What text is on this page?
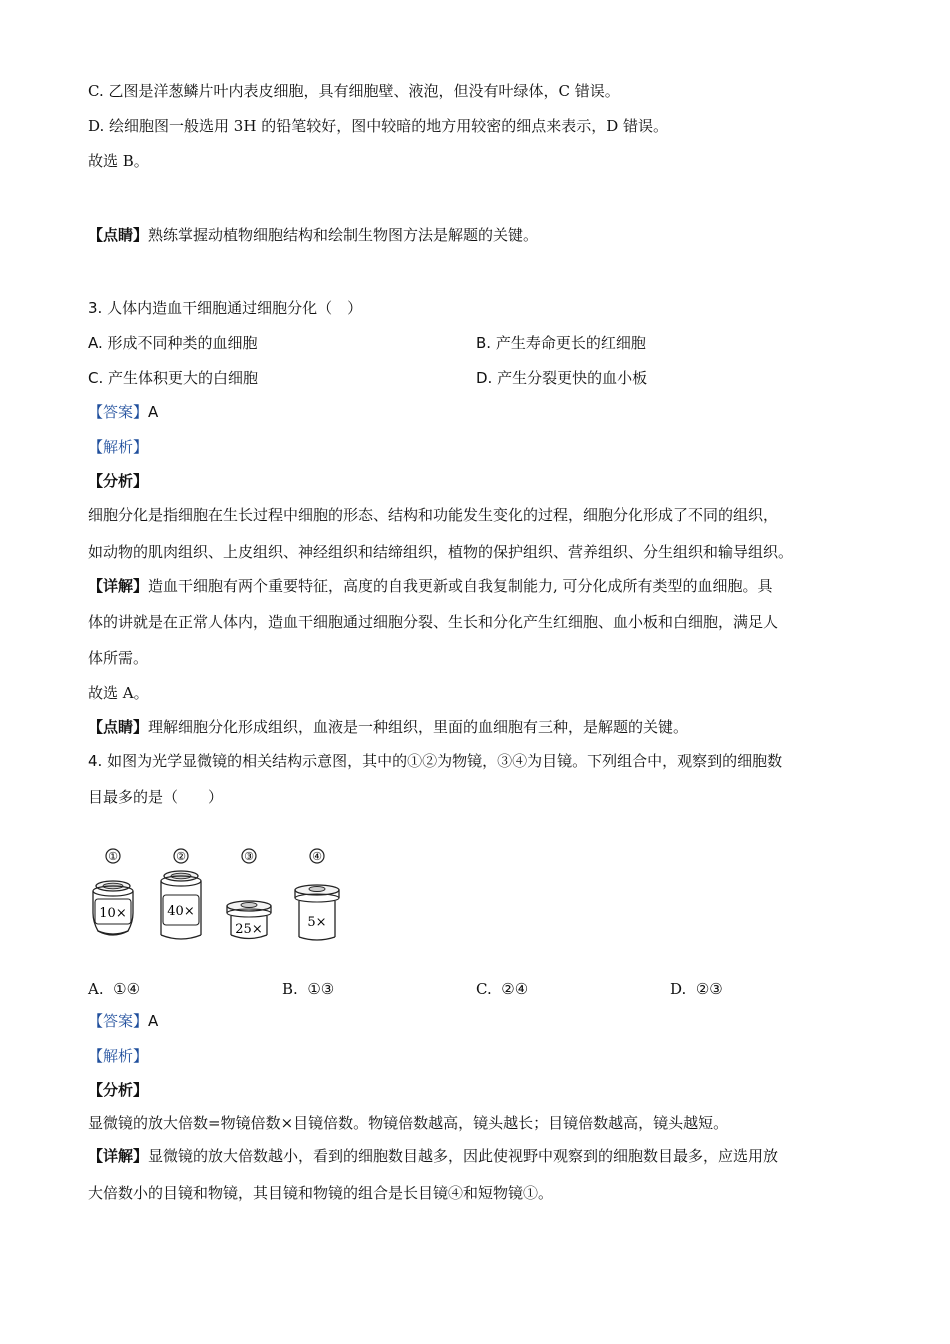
C. 乙图是洋葱鳞片叶内表皮细胞，具有细胞壁、液泡，但没有叶绿体，C 错误。
D. 绘细胞图一般选用 3H 的铅笔较好，图中较暗的地方用较密的细点来表示，D 错误。
故选 B。
【点睛】熟练掌握动植物细胞结构和绘制生物图方法是解题的关键。
3. 人体内造血干细胞通过细胞分化（　）
A. 形成不同种类的血细胞	B. 产生寿命更长的红细胞
C. 产生体积更大的白细胞	D. 产生分裂更快的血小板
【答案】A
【解析】
【分析】
细胞分化是指细胞在生长过程中细胞的形态、结构和功能发生变化的过程，细胞分化形成了不同的组织，
如动物的肌肉组织、上皮组织、神经组织和结缔组织，植物的保护组织、营养组织、分生组织和输导组织。
【详解】造血干细胞有两个重要特征，高度的自我更新或自我复制能力, 可分化成所有类型的血细胞。具
体的讲就是在正常人体内，造血干细胞通过细胞分裂、生长和分化产生红细胞、血小板和白细胞，满足人
体所需。
故选 A。
【点睛】理解细胞分化形成组织，血液是一种组织，里面的血细胞有三种，是解题的关键。
4. 如图为光学显微镜的相关结构示意图，其中的①②为物镜，③④为目镜。下列组合中，观察到的细胞数
目最多的是（　　）
①
10×
②
40×
③
25×
④
5×
A. ①④	B. ①③	C. ②④	D. ②③
【答案】A
【解析】
【分析】
显微镜的放大倍数=物镜倍数×目镜倍数。物镜倍数越高，镜头越长；目镜倍数越高，镜头越短。
【详解】显微镜的放大倍数越小，看到的细胞数目越多，因此使视野中观察到的细胞数目最多，应选用放
大倍数小的目镜和物镜，其目镜和物镜的组合是长目镜④和短物镜①。
